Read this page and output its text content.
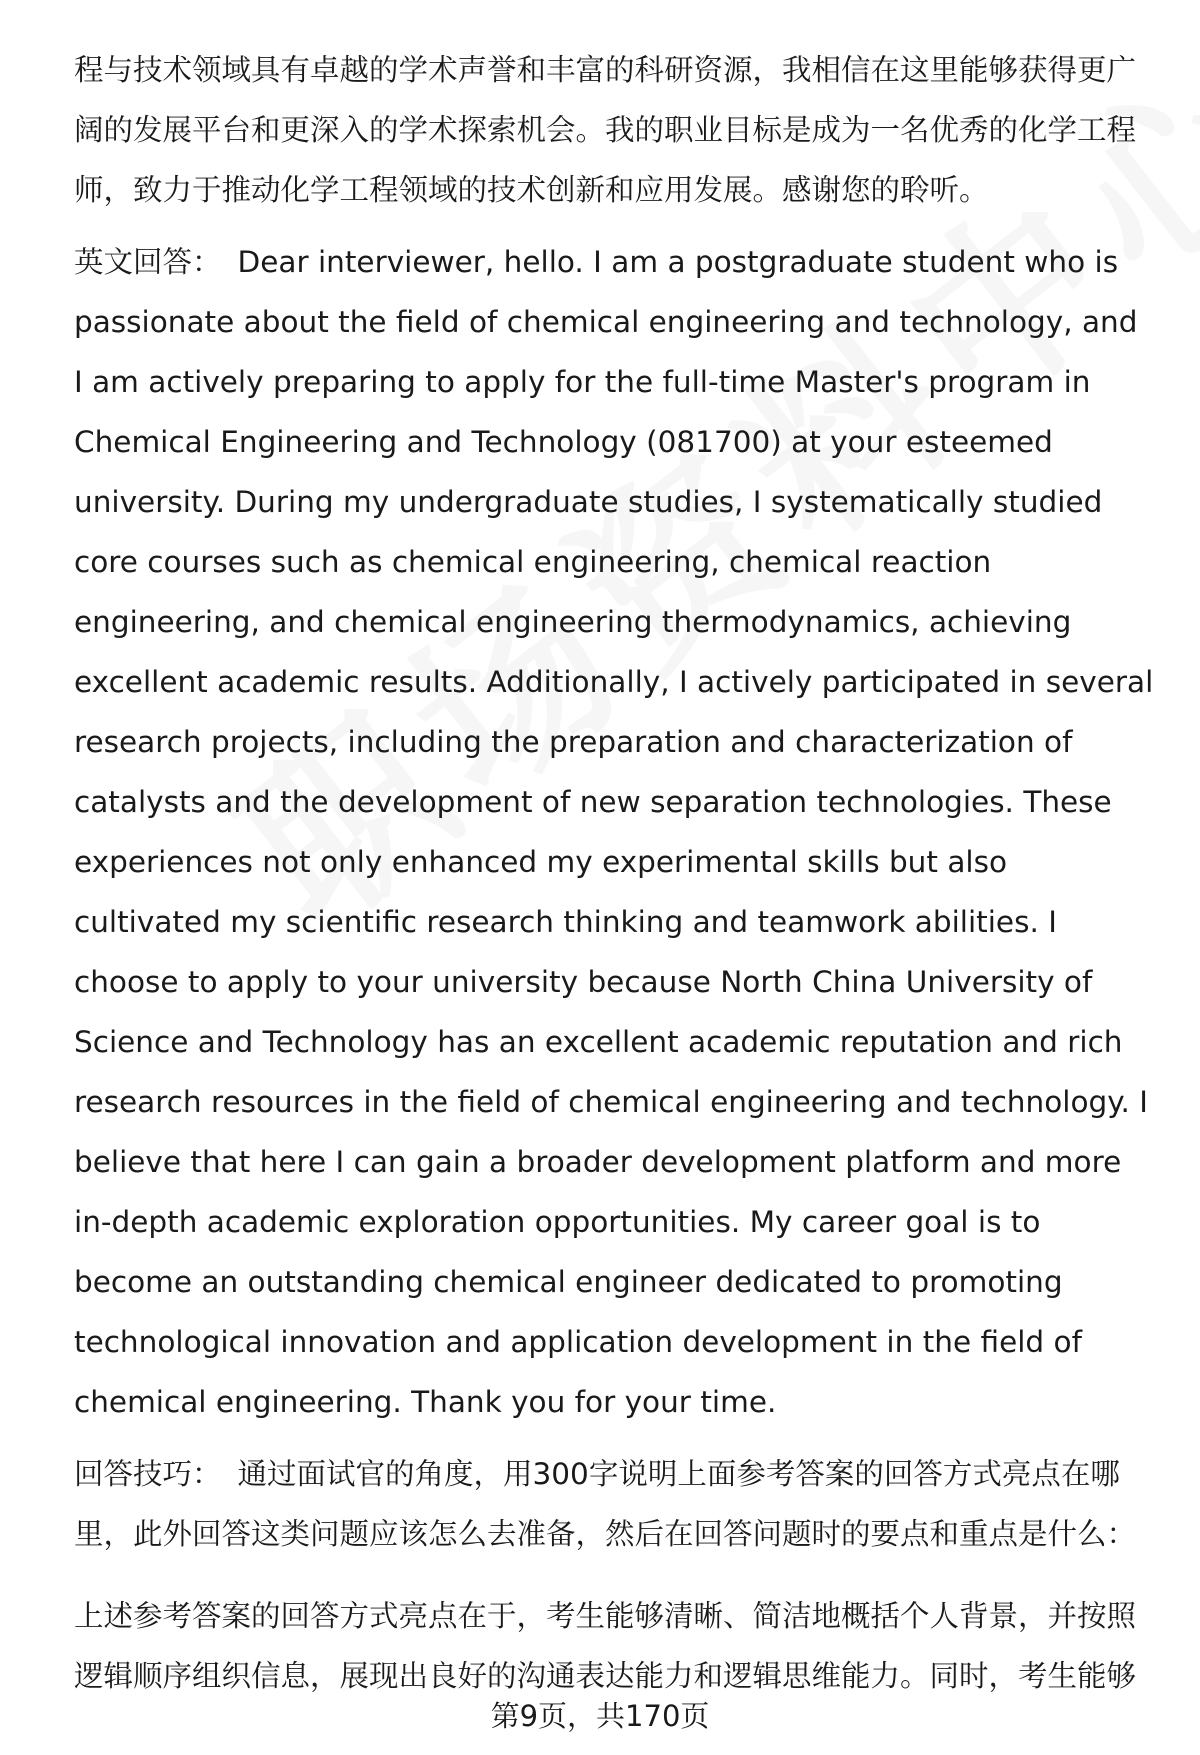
程与技术领域具有卓越的学术声誉和丰富的科研资源，我相信在这里能够获得更广阔的发展平台和更深入的学术探索机会。我的职业目标是成为一名优秀的化学工程师，致力于推动化学工程领域的技术创新和应用发展。感谢您的聆听。

英文回答： Dear interviewer, hello. I am a postgraduate student who is passionate about the field of chemical engineering and technology, and I am actively preparing to apply for the full-time Master's program in Chemical Engineering and Technology (081700) at your esteemed university. During my undergraduate studies, I systematically studied core courses such as chemical engineering, chemical reaction engineering, and chemical engineering thermodynamics, achieving excellent academic results. Additionally, I actively participated in several research projects, including the preparation and characterization of catalysts and the development of new separation technologies. These experiences not only enhanced my experimental skills but also cultivated my scientific research thinking and teamwork abilities. I choose to apply to your university because North China University of Science and Technology has an excellent academic reputation and rich research resources in the field of chemical engineering and technology. I believe that here I can gain a broader development platform and more in-depth academic exploration opportunities. My career goal is to become an outstanding chemical engineer dedicated to promoting technological innovation and application development in the field of chemical engineering. Thank you for your time.

回答技巧： 通过面试官的角度，用300字说明上面参考答案的回答方式亮点在哪里，此外回答这类问题应该怎么去准备，然后在回答问题时的要点和重点是什么：

上述参考答案的回答方式亮点在于，考生能够清晰、简洁地概括个人背景，并按照逻辑顺序组织信息，展现出良好的沟通表达能力和逻辑思维能力。同时，考生能够

第9页，共170页
